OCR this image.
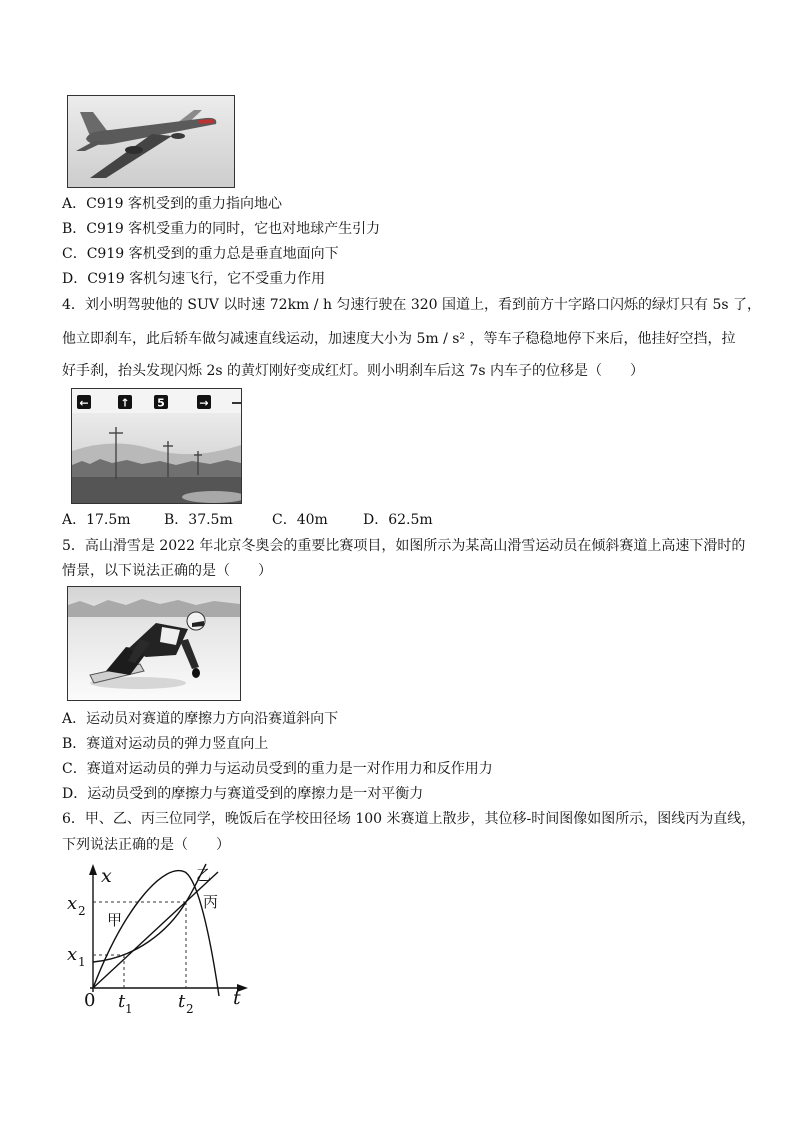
A．C919 客机受到的重力指向地心
B．C919 客机受重力的同时，它也对地球产生引力
C．C919 客机受到的重力总是垂直地面向下
D．C919 客机匀速飞行，它不受重力作用
4．刘小明驾驶他的 SUV 以时速 72km / h 匀速行驶在 320 国道上，看到前方十字路口闪烁的绿灯只有 5s 了，
他立即刹车，此后轿车做匀减速直线运动，加速度大小为 5m / s² ，等车子稳稳地停下来后，他挂好空挡，拉
好手刹，抬头发现闪烁 2s 的黄灯刚好变成红灯。则小明刹车后这 7s 内车子的位移是（　　）
←	↑	5	→
A．17.5m B．37.5m	C．40m	D．62.5m
5．高山滑雪是 2022 年北京冬奥会的重要比赛项目，如图所示为某高山滑雪运动员在倾斜赛道上高速下滑时的
情景，以下说法正确的是（　　）
A．运动员对赛道的摩擦力方向沿赛道斜向下
B．赛道对运动员的弹力竖直向上
C．赛道对运动员的弹力与运动员受到的重力是一对作用力和反作用力
D．运动员受到的摩擦力与赛道受到的摩擦力是一对平衡力
6．甲、乙、丙三位同学，晚饭后在学校田径场 100 米赛道上散步，其位移-时间图像如图所示，图线丙为直线，
下列说法正确的是（　　）
x
t
0
x 2
x 1
t 1	t 2
甲
乙
丙
